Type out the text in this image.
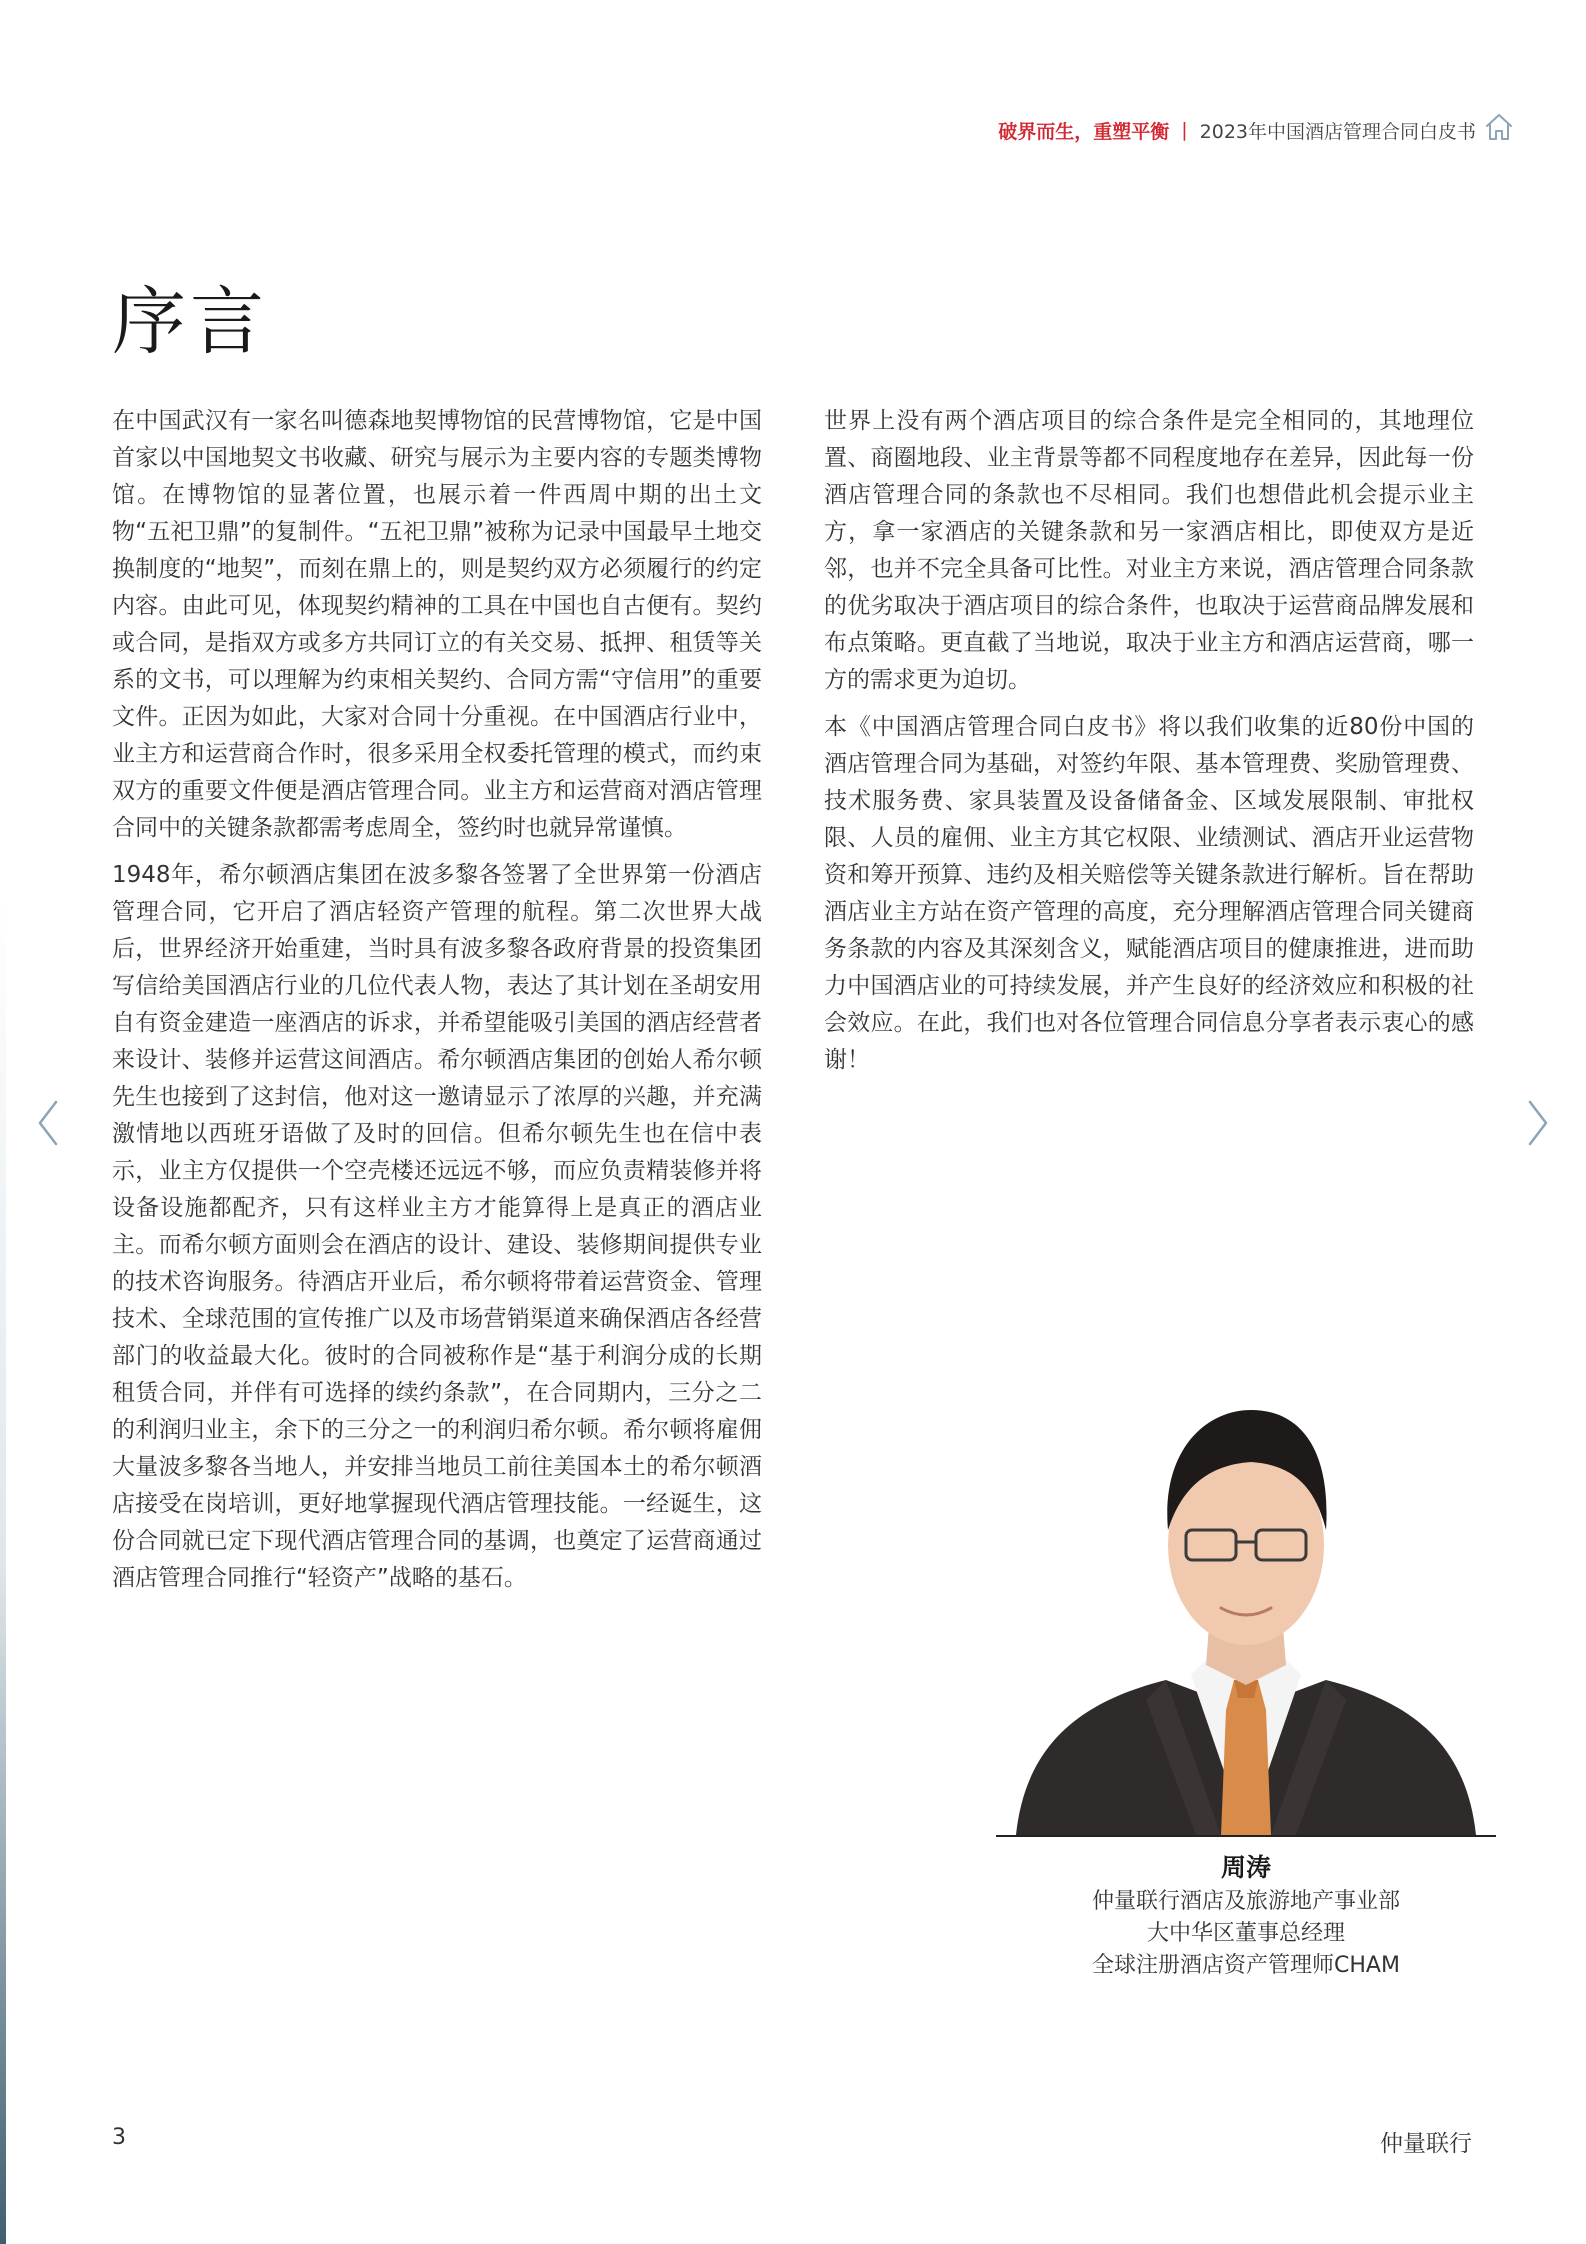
破界而生，重塑平衡 | 2023年中国酒店管理合同白皮书
序言

在中国武汉有一家名叫德森地契博物馆的民营博物馆，它是中国首家以中国地契文书收藏、研究与展示为主要内容的专题类博物馆。在博物馆的显著位置，也展示着一件西周中期的出土文物“五祀卫鼎”的复制件。“五祀卫鼎”被称为记录中国最早土地交换制度的“地契”，而刻在鼎上的，则是契约双方必须履行的约定内容。由此可见，体现契约精神的工具在中国也自古便有。契约或合同，是指双方或多方共同订立的有关交易、抵押、租赁等关系的文书，可以理解为约束相关契约、合同方需“守信用”的重要文件。正因为如此，大家对合同十分重视。在中国酒店行业中，业主方和运营商合作时，很多采用全权委托管理的模式，而约束双方的重要文件便是酒店管理合同。业主方和运营商对酒店管理合同中的关键条款都需考虑周全，签约时也就异常谨慎。

1948年，希尔顿酒店集团在波多黎各签署了全世界第一份酒店管理合同，它开启了酒店轻资产管理的航程。第二次世界大战后，世界经济开始重建，当时具有波多黎各政府背景的投资集团写信给美国酒店行业的几位代表人物，表达了其计划在圣胡安用自有资金建造一座酒店的诉求，并希望能吸引美国的酒店经营者来设计、装修并运营这间酒店。希尔顿酒店集团的创始人希尔顿先生也接到了这封信，他对这一邀请显示了浓厚的兴趣，并充满激情地以西班牙语做了及时的回信。但希尔顿先生也在信中表示，业主方仅提供一个空壳楼还远远不够，而应负责精装修并将设备设施都配齐，只有这样业主方才能算得上是真正的酒店业主。而希尔顿方面则会在酒店的设计、建设、装修期间提供专业的技术咨询服务。待酒店开业后，希尔顿将带着运营资金、管理技术、全球范围的宣传推广以及市场营销渠道来确保酒店各经营部门的收益最大化。彼时的合同被称作是“基于利润分成的长期租赁合同，并伴有可选择的续约条款”，在合同期内，三分之二的利润归业主，余下的三分之一的利润归希尔顿。希尔顿将雇佣大量波多黎各当地人，并安排当地员工前往美国本土的希尔顿酒店接受在岗培训，更好地掌握现代酒店管理技能。一经诞生，这份合同就已定下现代酒店管理合同的基调，也奠定了运营商通过酒店管理合同推行“轻资产”战略的基石。

世界上没有两个酒店项目的综合条件是完全相同的，其地理位置、商圈地段、业主背景等都不同程度地存在差异，因此每一份酒店管理合同的条款也不尽相同。我们也想借此机会提示业主方，拿一家酒店的关键条款和另一家酒店相比，即使双方是近邻，也并不完全具备可比性。对业主方来说，酒店管理合同条款的优劣取决于酒店项目的综合条件，也取决于运营商品牌发展和布点策略。更直截了当地说，取决于业主方和酒店运营商，哪一方的需求更为迫切。

本《中国酒店管理合同白皮书》将以我们收集的近80份中国的酒店管理合同为基础，对签约年限、基本管理费、奖励管理费、技术服务费、家具装置及设备储备金、区域发展限制、审批权限、人员的雇佣、业主方其它权限、业绩测试、酒店开业运营物资和筹开预算、违约及相关赔偿等关键条款进行解析。旨在帮助酒店业主方站在资产管理的高度，充分理解酒店管理合同关键商务条款的内容及其深刻含义，赋能酒店项目的健康推进，进而助力中国酒店业的可持续发展，并产生良好的经济效应和积极的社会效应。在此，我们也对各位管理合同信息分享者表示衷心的感谢！

周涛
仲量联行酒店及旅游地产事业部
大中华区董事总经理
全球注册酒店资产管理师CHAM
3	仲量联行
